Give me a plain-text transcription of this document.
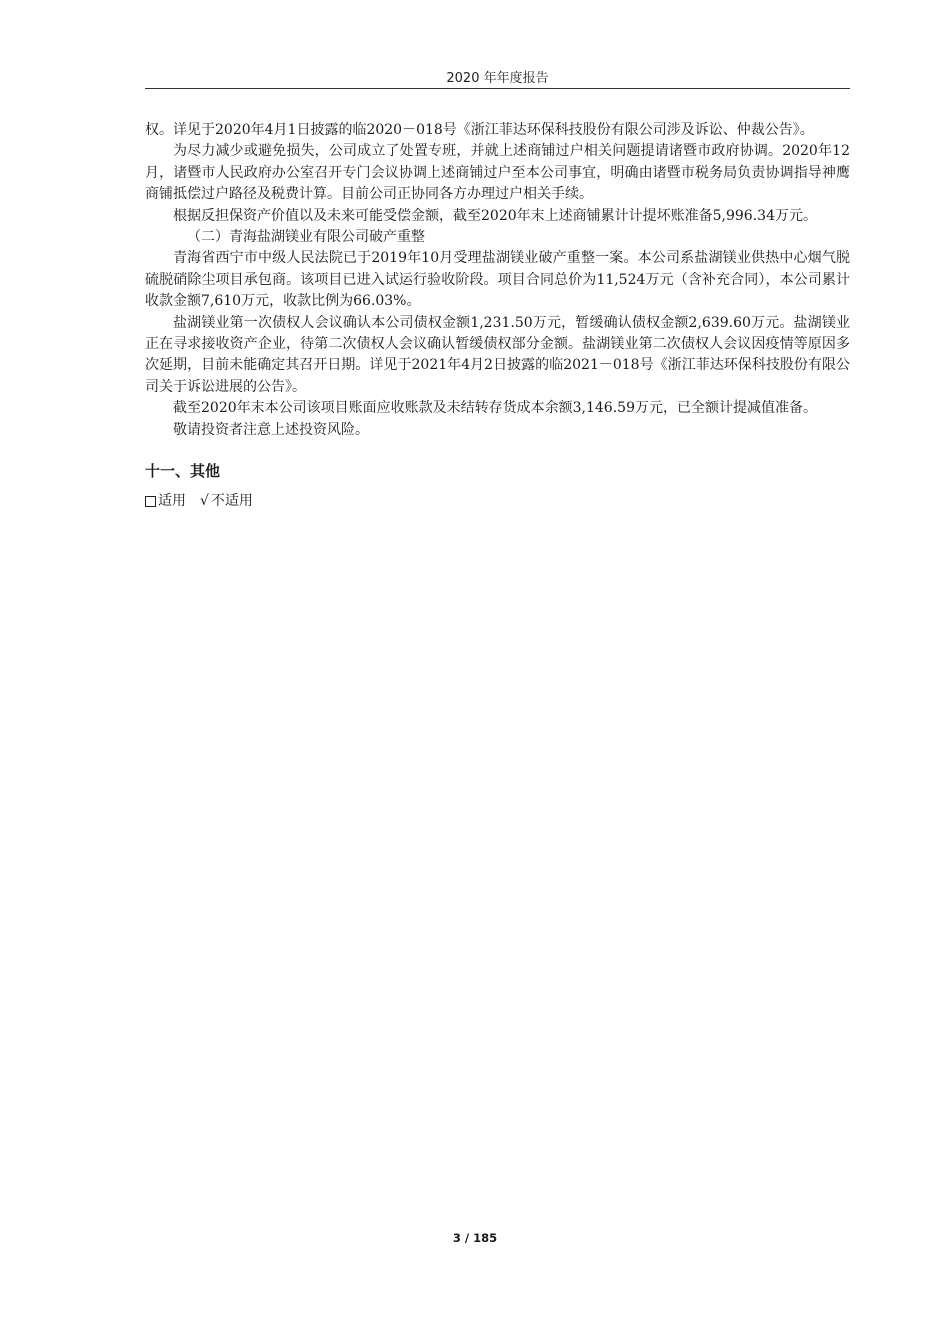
2020 年年度报告

权。详见于2020年4月1日披露的临2020－018号《浙江菲达环保科技股份有限公司涉及诉讼、仲裁公告》。

为尽力减少或避免损失，公司成立了处置专班，并就上述商铺过户相关问题提请诸暨市政府协调。2020年12月，诸暨市人民政府办公室召开专门会议协调上述商铺过户至本公司事宜，明确由诸暨市税务局负责协调指导神鹰商铺抵偿过户路径及税费计算。目前公司正协同各方办理过户相关手续。

根据反担保资产价值以及未来可能受偿金额，截至2020年末上述商铺累计计提坏账准备5,996.34万元。

（二）青海盐湖镁业有限公司破产重整

青海省西宁市中级人民法院已于2019年10月受理盐湖镁业破产重整一案。本公司系盐湖镁业供热中心烟气脱硫脱硝除尘项目承包商。该项目已进入试运行验收阶段。项目合同总价为11,524万元（含补充合同），本公司累计收款金额7,610万元，收款比例为66.03%。

盐湖镁业第一次债权人会议确认本公司债权金额1,231.50万元，暂缓确认债权金额2,639.60万元。盐湖镁业正在寻求接收资产企业，待第二次债权人会议确认暂缓债权部分金额。盐湖镁业第二次债权人会议因疫情等原因多次延期，目前未能确定其召开日期。详见于2021年4月2日披露的临2021－018号《浙江菲达环保科技股份有限公司关于诉讼进展的公告》。

截至2020年末本公司该项目账面应收账款及未结转存货成本余额3,146.59万元，已全额计提减值准备。

敬请投资者注意上述投资风险。

十一、其他
适用 √ 不适用
3 / 185
